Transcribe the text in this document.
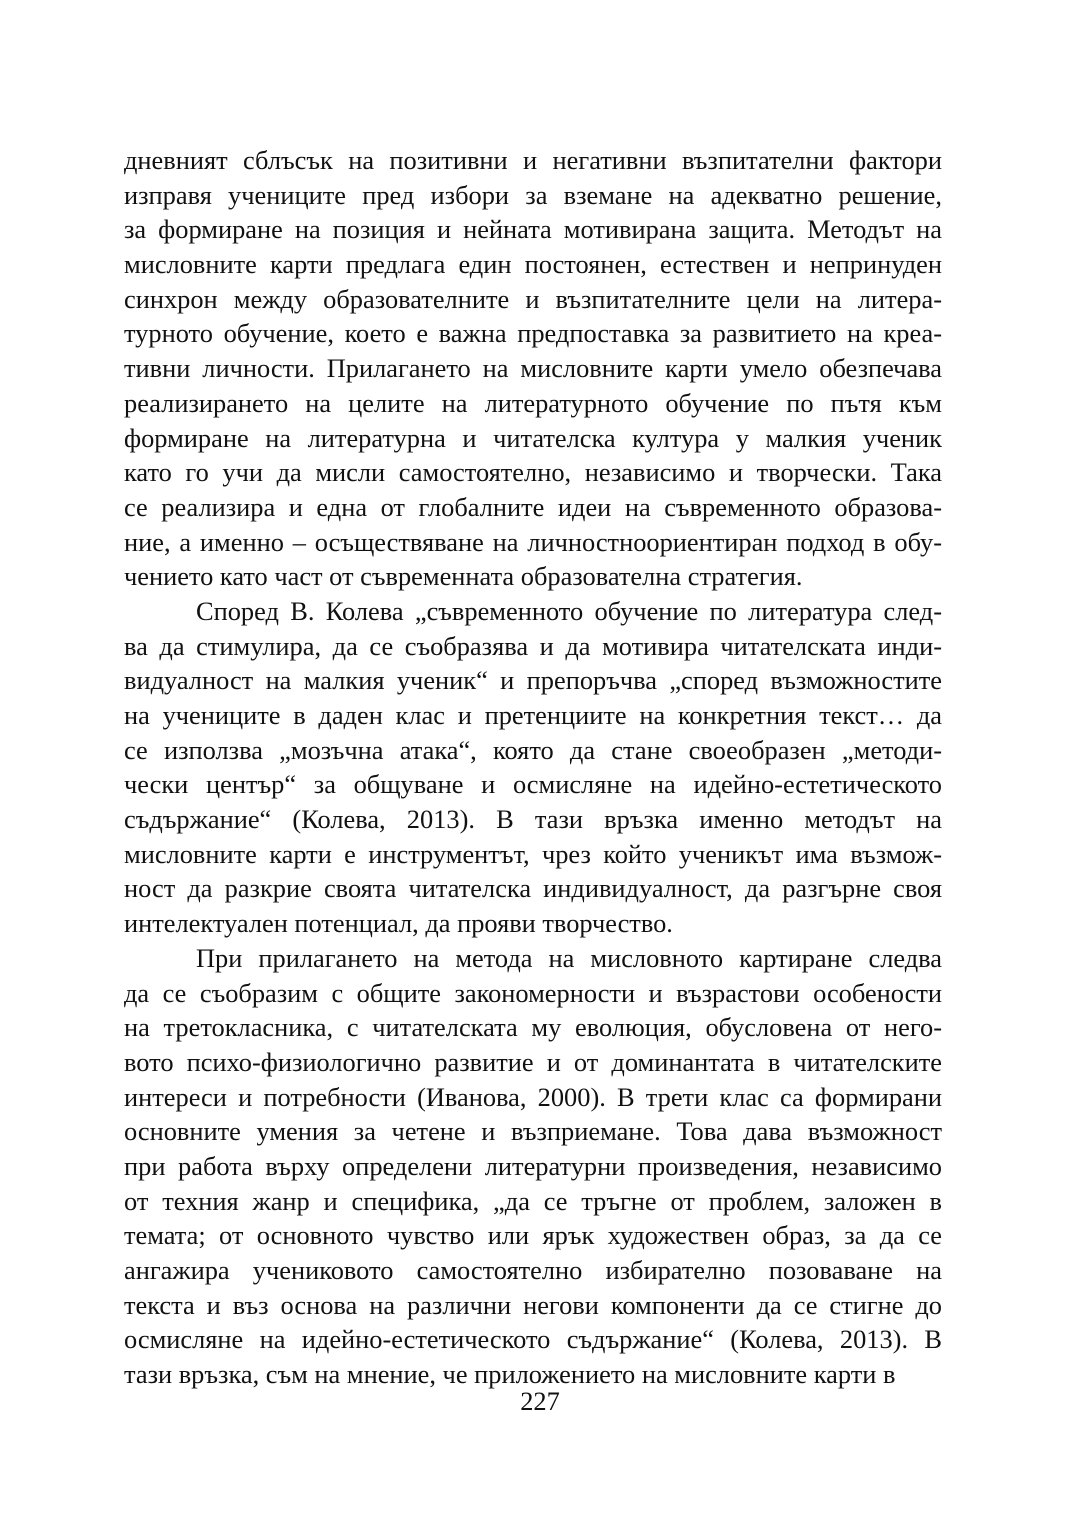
дневният сблъсък на позитивни и негативни възпитателни фактори
изправя учениците пред избори за вземане на адекватно решение,
за формиране на позиция и нейната мотивирана защита. Методът на
мисловните карти предлага един постоянен, естествен и непринуден
синхрон между образователните и възпитателните цели на литера-
турното обучение, което е важна предпоставка за развитието на креа-
тивни личности. Прилагането на мисловните карти умело обезпечава
реализирането на целите на литературното обучение по пътя към
формиране на литературна и читателска култура у малкия ученик
като го учи да мисли самостоятелно, независимо и творчески. Така
се реализира и една от глобалните идеи на съвременното образова-
ние, а именно – осъществяване на личностноориентиран подход в обу-
чението като част от съвременната образователна стратегия.
Според В. Колева „съвременното обучение по литература след-
ва да стимулира, да се съобразява и да мотивира читателската инди-
видуалност на малкия ученик“ и препоръчва „според възможностите
на учениците в даден клас и претенциите на конкретния текст… да
се използва „мозъчна атака“, която да стане своеобразен „методи-
чески център“ за общуване и осмисляне на идейно-естетическото
съдържание“ (Колева, 2013). В тази връзка именно методът на
мисловните карти е инструментът, чрез който ученикът има възмож-
ност да разкрие своята читателска индивидуалност, да разгърне своя
интелектуален потенциал, да прояви творчество.
При прилагането на метода на мисловното картиране следва
да се съобразим с общите закономерности и възрастови особености
на третокласника, с читателската му еволюция, обусловена от него-
вото психо-физиологично развитие и от доминантата в читателските
интереси и потребности (Иванова, 2000). В трети клас са формирани
основните умения за четене и възприемане. Това дава възможност
при работа върху определени литературни произведения, независимо
от техния жанр и специфика, „да се тръгне от проблем, заложен в
темата; от основното чувство или ярък художествен образ, за да се
ангажира учениковото самостоятелно избирателно позоваване на
текста и въз основа на различни негови компоненти да се стигне до
осмисляне на идейно-естетическото съдържание“ (Колева, 2013). В
тази връзка, съм на мнение, че приложението на мисловните карти в
227
